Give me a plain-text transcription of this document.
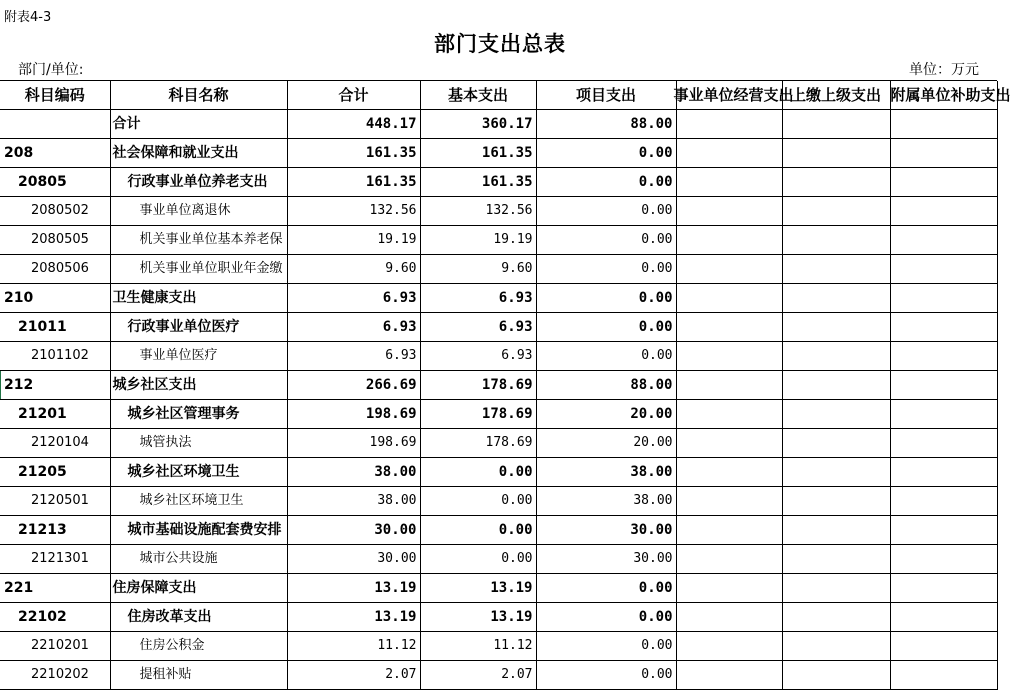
附表4-3
部门支出总表
部门/单位:	单位：万元
科目编码	科目名称	合计	基本支出	项目支出	事业单位经营支出	上缴上级支出	附属单位补助支出
	合计	448.17	360.17	88.00			
208	社会保障和就业支出	161.35	161.35	0.00			
20805	行政事业单位养老支出	161.35	161.35	0.00			
2080502	事业单位离退休	132.56	132.56	0.00			
2080505	机关事业单位基本养老保	19.19	19.19	0.00			
2080506	机关事业单位职业年金缴	9.60	9.60	0.00			
210	卫生健康支出	6.93	6.93	0.00			
21011	行政事业单位医疗	6.93	6.93	0.00			
2101102	事业单位医疗	6.93	6.93	0.00			
212	城乡社区支出	266.69	178.69	88.00			
21201	城乡社区管理事务	198.69	178.69	20.00			
2120104	城管执法	198.69	178.69	20.00			
21205	城乡社区环境卫生	38.00	0.00	38.00			
2120501	城乡社区环境卫生	38.00	0.00	38.00			
21213	城市基础设施配套费安排	30.00	0.00	30.00			
2121301	城市公共设施	30.00	0.00	30.00			
221	住房保障支出	13.19	13.19	0.00			
22102	住房改革支出	13.19	13.19	0.00			
2210201	住房公积金	11.12	11.12	0.00			
2210202	提租补贴	2.07	2.07	0.00			
